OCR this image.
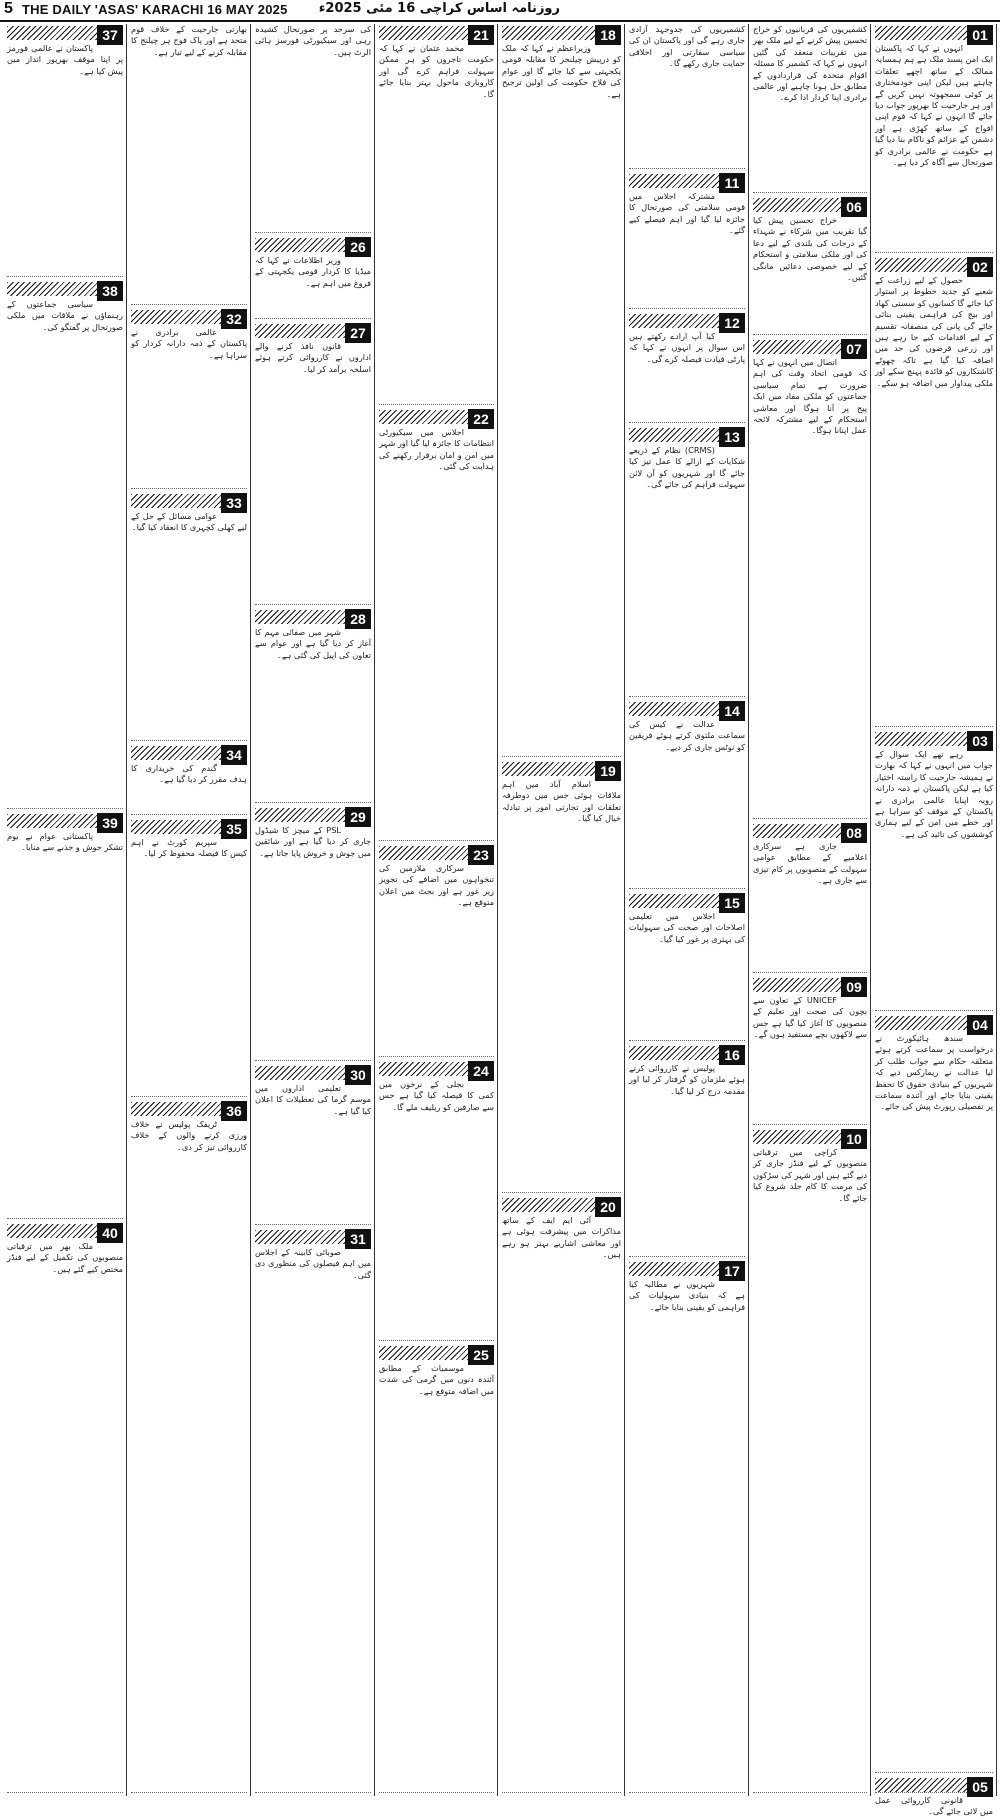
5 THE DAILY 'ASAS' KARACHI 16 MAY 2025 روزنامہ اساس کراچی 16 مئی 2025ء
01
انہوں نے کہا کہ پاکستان ایک امن پسند ملک ہے ہم ہمسایہ ممالک کے ساتھ اچھے تعلقات چاہتے ہیں لیکن اپنی خودمختاری پر کوئی سمجھوتہ نہیں کریں گے اور ہر جارحیت کا بھرپور جواب دیا جائے گا انہوں نے کہا کہ قوم اپنی افواج کے ساتھ کھڑی ہے اور دشمن کے عزائم کو ناکام بنا دیا گیا ہے حکومت نے عالمی برادری کو صورتحال سے آگاہ کر دیا ہے۔
02
حصول کے لیے زراعت کے شعبے کو جدید خطوط پر استوار کیا جائے گا کسانوں کو سستی کھاد اور بیج کی فراہمی یقینی بنائی جائے گی پانی کی منصفانہ تقسیم کے لیے اقدامات کیے جا رہے ہیں اور زرعی قرضوں کی حد میں اضافہ کیا گیا ہے تاکہ چھوٹے کاشتکاروں کو فائدہ پہنچ سکے اور ملکی پیداوار میں اضافہ ہو سکے۔
03
رہے تھے ایک سوال کے جواب میں انہوں نے کہا کہ بھارت نے ہمیشہ جارحیت کا راستہ اختیار کیا ہے لیکن پاکستان نے ذمہ دارانہ رویہ اپنایا عالمی برادری نے پاکستان کے موقف کو سراہا ہے اور خطے میں امن کے لیے ہماری کوششوں کی تائید کی ہے۔
04
سندھ ہائیکورٹ نے درخواست پر سماعت کرتے ہوئے متعلقہ حکام سے جواب طلب کر لیا عدالت نے ریمارکس دیے کہ شہریوں کے بنیادی حقوق کا تحفظ یقینی بنایا جائے اور آئندہ سماعت پر تفصیلی رپورٹ پیش کی جائے۔
05
قانونی کارروائی عمل میں لائی جائے گی۔
کشمیریوں کی قربانیوں کو خراج تحسین پیش کرنے کے لیے ملک بھر میں تقریبات منعقد کی گئیں انہوں نے کہا کہ کشمیر کا مسئلہ اقوام متحدہ کی قراردادوں کے مطابق حل ہونا چاہیے اور عالمی برادری اپنا کردار ادا کرے۔
06
خراج تحسین پیش کیا گیا تقریب میں شرکاء نے شہداء کے درجات کی بلندی کے لیے دعا کی اور ملکی سلامتی و استحکام کے لیے خصوصی دعائیں مانگی گئیں۔
07
اتصال میں انہوں نے کہا کہ قومی اتحاد وقت کی اہم ضرورت ہے تمام سیاسی جماعتوں کو ملکی مفاد میں ایک پیج پر آنا ہوگا اور معاشی استحکام کے لیے مشترکہ لائحہ عمل اپنانا ہوگا۔
08
جاری ہے سرکاری اعلامیے کے مطابق عوامی سہولت کے منصوبوں پر کام تیزی سے جاری ہے۔
09
UNICEF کے تعاون سے بچوں کی صحت اور تعلیم کے منصوبوں کا آغاز کیا گیا ہے جس سے لاکھوں بچے مستفید ہوں گے۔
10
کراچی میں ترقیاتی منصوبوں کے لیے فنڈز جاری کر دیے گئے ہیں اور شہر کی سڑکوں کی مرمت کا کام جلد شروع کیا جائے گا۔
کشمیریوں کی جدوجہد آزادی جاری رہے گی اور پاکستان ان کی سیاسی سفارتی اور اخلاقی حمایت جاری رکھے گا۔
11
مشترکہ اجلاس میں قومی سلامتی کی صورتحال کا جائزہ لیا گیا اور اہم فیصلے کیے گئے۔
12
کیا آپ ارادے رکھتے ہیں اس سوال پر انہوں نے کہا کہ پارٹی قیادت فیصلہ کرے گی۔
13
(CRMS) نظام کے ذریعے شکایات کے ازالے کا عمل تیز کیا جائے گا اور شہریوں کو آن لائن سہولت فراہم کی جائے گی۔
14
عدالت نے کیس کی سماعت ملتوی کرتے ہوئے فریقین کو نوٹس جاری کر دیے۔
15
اجلاس میں تعلیمی اصلاحات اور صحت کی سہولیات کی بہتری پر غور کیا گیا۔
16
پولیس نے کارروائی کرتے ہوئے ملزمان کو گرفتار کر لیا اور مقدمہ درج کر لیا گیا۔
17
شہریوں نے مطالبہ کیا ہے کہ بنیادی سہولیات کی فراہمی کو یقینی بنایا جائے۔
18
وزیراعظم نے کہا کہ ملک کو درپیش چیلنجز کا مقابلہ قومی یکجہتی سے کیا جائے گا اور عوام کی فلاح حکومت کی اولین ترجیح ہے۔
19
اسلام آباد میں اہم ملاقات ہوئی جس میں دوطرفہ تعلقات اور تجارتی امور پر تبادلہ خیال کیا گیا۔
20
آئی ایم ایف کے ساتھ مذاکرات میں پیشرفت ہوئی ہے اور معاشی اشاریے بہتر ہو رہے ہیں۔
21
محمد عثمان نے کہا کہ حکومت تاجروں کو ہر ممکن سہولت فراہم کرے گی اور کاروباری ماحول بہتر بنایا جائے گا۔
22
اجلاس میں سیکیورٹی انتظامات کا جائزہ لیا گیا اور شہر میں امن و امان برقرار رکھنے کی ہدایت کی گئی۔
23
سرکاری ملازمین کی تنخواہوں میں اضافے کی تجویز زیر غور ہے اور بجٹ میں اعلان متوقع ہے۔
24
بجلی کے نرخوں میں کمی کا فیصلہ کیا گیا ہے جس سے صارفین کو ریلیف ملے گا۔
25
موسمیات کے مطابق آئندہ دنوں میں گرمی کی شدت میں اضافہ متوقع ہے۔
کی سرحد پر صورتحال کشیدہ رہی اور سیکیورٹی فورسز ہائی الرٹ ہیں۔
26
وزیر اطلاعات نے کہا کہ میڈیا کا کردار قومی یکجہتی کے فروغ میں اہم ہے۔
27
قانون نافذ کرنے والے اداروں نے کارروائی کرتے ہوئے اسلحہ برآمد کر لیا۔
28
شہر میں صفائی مہم کا آغاز کر دیا گیا ہے اور عوام سے تعاون کی اپیل کی گئی ہے۔
29
PSL کے میچز کا شیڈول جاری کر دیا گیا ہے اور شائقین میں جوش و خروش پایا جاتا ہے۔
30
تعلیمی اداروں میں موسم گرما کی تعطیلات کا اعلان کیا گیا ہے۔
31
صوبائی کابینہ کے اجلاس میں اہم فیصلوں کی منظوری دی گئی۔
بھارتی جارحیت کے خلاف قوم متحد ہے اور پاک فوج ہر چیلنج کا مقابلہ کرنے کے لیے تیار ہے۔
32
عالمی برادری نے پاکستان کے ذمہ دارانہ کردار کو سراہا ہے۔
33
عوامی مسائل کے حل کے لیے کھلی کچہری کا انعقاد کیا گیا۔
34
گندم کی خریداری کا ہدف مقرر کر دیا گیا ہے۔
35
سپریم کورٹ نے اہم کیس کا فیصلہ محفوظ کر لیا۔
36
ٹریفک پولیس نے خلاف ورزی کرنے والوں کے خلاف کارروائی تیز کر دی۔
37
پاکستان نے عالمی فورمز پر اپنا موقف بھرپور انداز میں پیش کیا ہے۔
38
سیاسی جماعتوں کے رہنماؤں نے ملاقات میں ملکی صورتحال پر گفتگو کی۔
39
پاکستانی عوام نے یوم تشکر جوش و جذبے سے منایا۔
40
ملک بھر میں ترقیاتی منصوبوں کی تکمیل کے لیے فنڈز مختص کیے گئے ہیں۔
